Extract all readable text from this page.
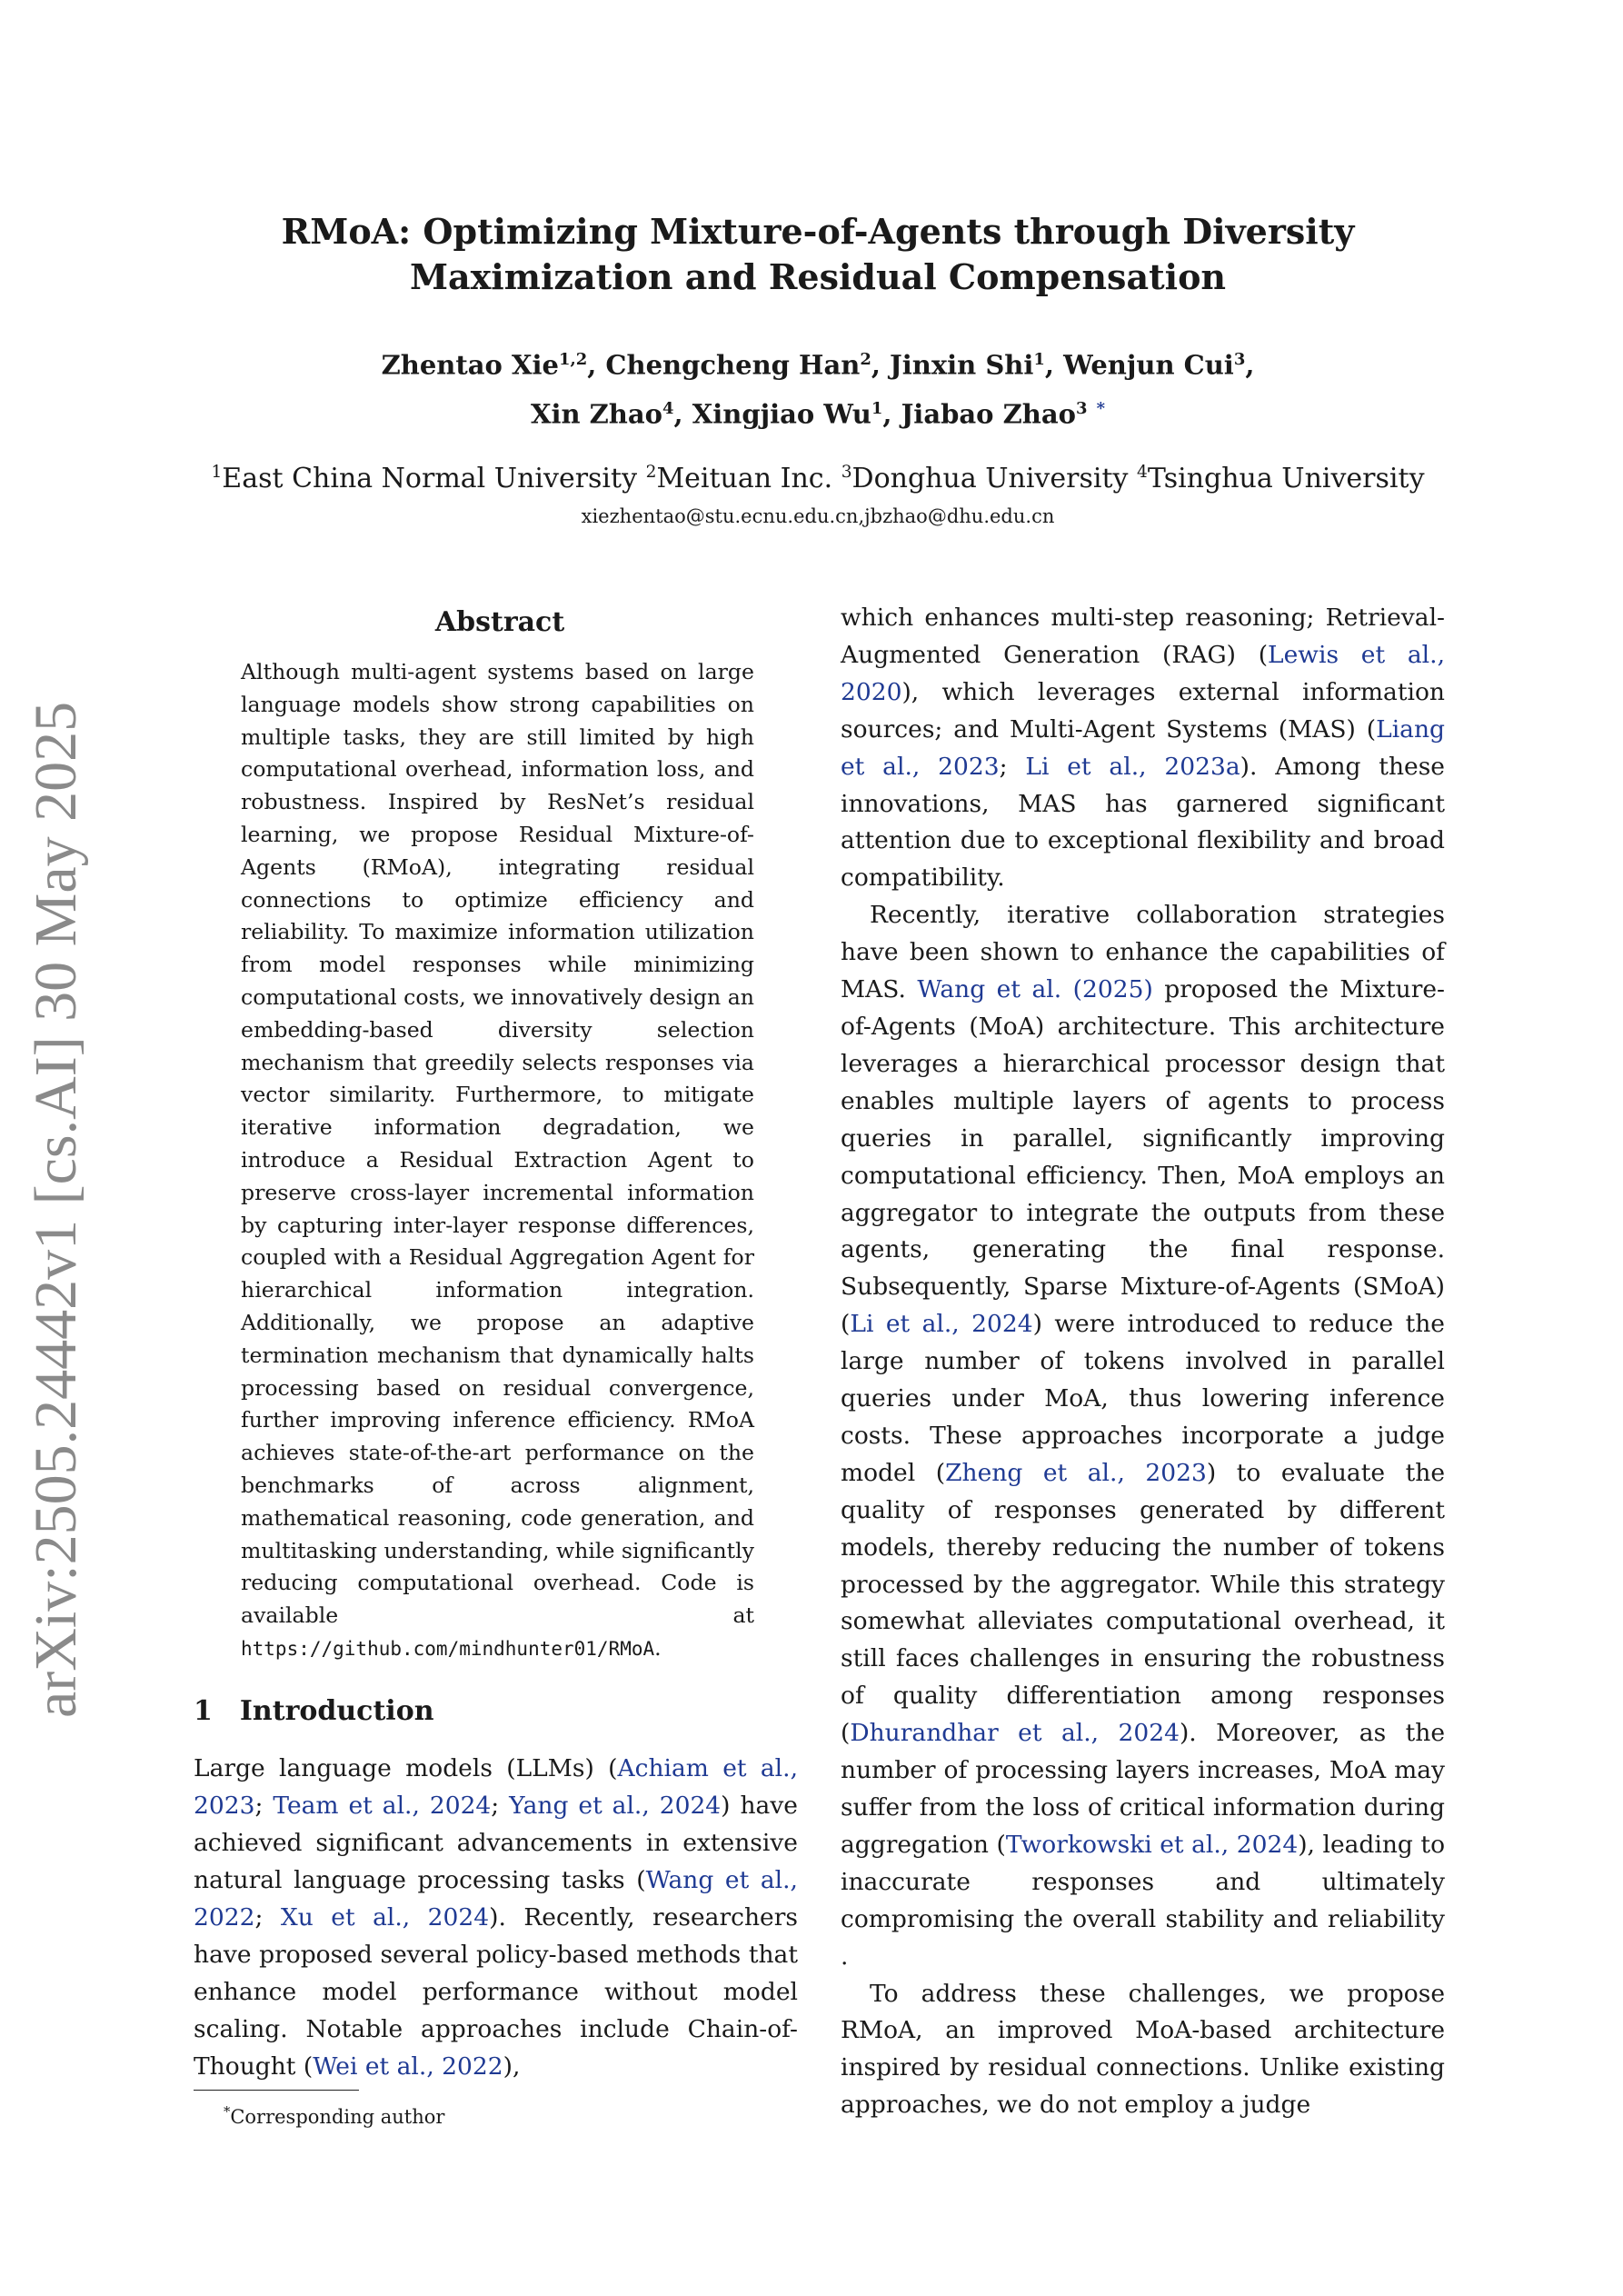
arXiv:2505.24442v1 [cs.AI] 30 May 2025
RMoA: Optimizing Mixture-of-Agents through Diversity
Maximization and Residual Compensation
Zhentao Xie$^{1,2}$, Chengcheng Han$^2$, Jinxin Shi$^1$, Wenjun Cui$^3$,
Xin Zhao$^4$, Xingjiao Wu$^1$, Jiabao Zhao$^3$ *
$^1$East China Normal University $^2$Meituan Inc. $^3$Donghua University $^4$Tsinghua University
xiezhentao@stu.ecnu.edu.cn,jbzhao@dhu.edu.cn
Abstract
Although multi-agent systems based on large language models show strong capabilities on multiple tasks, they are still limited by high computational overhead, information loss, and robustness. Inspired by ResNet’s residual learning, we propose Residual Mixture-of-Agents (RMoA), integrating residual connections to optimize efficiency and reliability. To maximize information utilization from model responses while minimizing computational costs, we innovatively design an embedding-based diversity selection mechanism that greedily selects responses via vector similarity. Furthermore, to mitigate iterative information degradation, we introduce a Residual Extraction Agent to preserve cross-layer incremental information by capturing inter-layer response differences, coupled with a Residual Aggregation Agent for hierarchical information integration. Additionally, we propose an adaptive termination mechanism that dynamically halts processing based on residual convergence, further improving inference efficiency. RMoA achieves state-of-the-art performance on the benchmarks of across alignment, mathematical reasoning, code generation, and multitasking understanding, while significantly reducing computational overhead. Code is available at https://github.com/mindhunter01/RMoA.
1 Introduction
Large language models (LLMs) (Achiam et al., 2023; Team et al., 2024; Yang et al., 2024) have achieved significant advancements in extensive natural language processing tasks (Wang et al., 2022; Xu et al., 2024). Recently, researchers have proposed several policy-based methods that enhance model performance without model scaling. Notable approaches include Chain-of-Thought (Wei et al., 2022),

which enhances multi-step reasoning; Retrieval-Augmented Generation (RAG) (Lewis et al., 2020), which leverages external information sources; and Multi-Agent Systems (MAS) (Liang et al., 2023; Li et al., 2023a). Among these innovations, MAS has garnered significant attention due to exceptional flexibility and broad compatibility.

Recently, iterative collaboration strategies have been shown to enhance the capabilities of MAS. Wang et al. (2025) proposed the Mixture-of-Agents (MoA) architecture. This architecture leverages a hierarchical processor design that enables multiple layers of agents to process queries in parallel, significantly improving computational efficiency. Then, MoA employs an aggregator to integrate the outputs from these agents, generating the final response. Subsequently, Sparse Mixture-of-Agents (SMoA) (Li et al., 2024) were introduced to reduce the large number of tokens involved in parallel queries under MoA, thus lowering inference costs. These approaches incorporate a judge model (Zheng et al., 2023) to evaluate the quality of responses generated by different models, thereby reducing the number of tokens processed by the aggregator. While this strategy somewhat alleviates computational overhead, it still faces challenges in ensuring the robustness of quality differentiation among responses (Dhurandhar et al., 2024). Moreover, as the number of processing layers increases, MoA may suffer from the loss of critical information during aggregation (Tworkowski et al., 2024), leading to inaccurate responses and ultimately compromising the overall stability and reliability .

To address these challenges, we propose RMoA, an improved MoA-based architecture inspired by residual connections. Unlike existing approaches, we do not employ a judge

*Corresponding author
